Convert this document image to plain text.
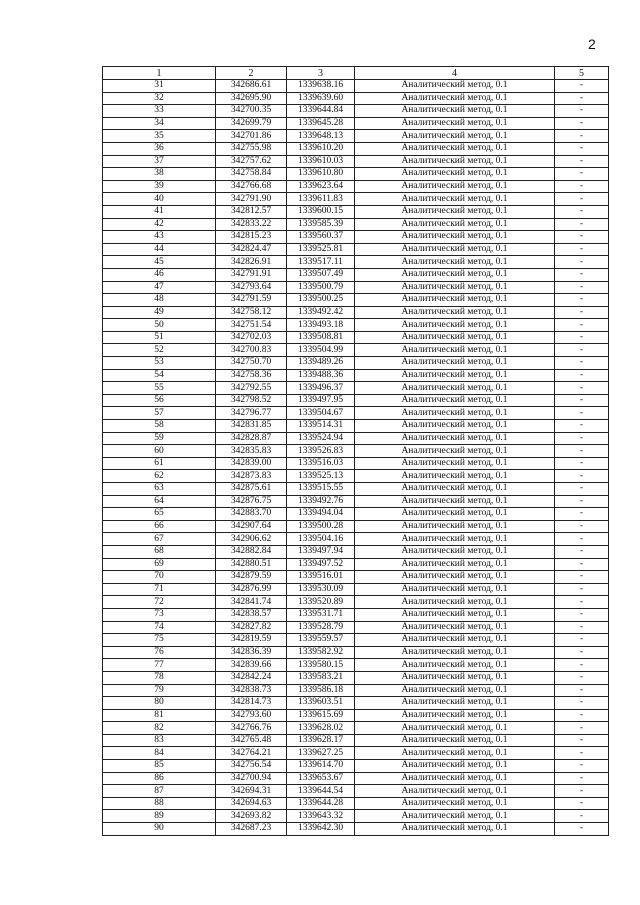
2
1	2	3	4	5
31	342686.61	1339638.16	Аналитический метод, 0.1	-
32	342695.90	1339639.60	Аналитический метод, 0.1	-
33	342700.35	1339644.84	Аналитический метод, 0.1	-
34	342699.79	1339645.28	Аналитический метод, 0.1	-
35	342701.86	1339648.13	Аналитический метод, 0.1	-
36	342755.98	1339610.20	Аналитический метод, 0.1	-
37	342757.62	1339610.03	Аналитический метод, 0.1	-
38	342758.84	1339610.80	Аналитический метод, 0.1	-
39	342766.68	1339623.64	Аналитический метод, 0.1	-
40	342791.90	1339611.83	Аналитический метод, 0.1	-
41	342812.57	1339600.15	Аналитический метод, 0.1	-
42	342833.22	1339585.39	Аналитический метод, 0.1	-
43	342815.23	1339560.37	Аналитический метод, 0.1	-
44	342824.47	1339525.81	Аналитический метод, 0.1	-
45	342826.91	1339517.11	Аналитический метод, 0.1	-
46	342791.91	1339507.49	Аналитический метод, 0.1	-
47	342793.64	1339500.79	Аналитический метод, 0.1	-
48	342791.59	1339500.25	Аналитический метод, 0.1	-
49	342758.12	1339492.42	Аналитический метод, 0.1	-
50	342751.54	1339493.18	Аналитический метод, 0.1	-
51	342702.03	1339508.81	Аналитический метод, 0.1	-
52	342700.83	1339504.99	Аналитический метод, 0.1	-
53	342750.70	1339489.26	Аналитический метод, 0.1	-
54	342758.36	1339488.36	Аналитический метод, 0.1	-
55	342792.55	1339496.37	Аналитический метод, 0.1	-
56	342798.52	1339497.95	Аналитический метод, 0.1	-
57	342796.77	1339504.67	Аналитический метод, 0.1	-
58	342831.85	1339514.31	Аналитический метод, 0.1	-
59	342828.87	1339524.94	Аналитический метод, 0.1	-
60	342835.83	1339526.83	Аналитический метод, 0.1	-
61	342839.00	1339516.03	Аналитический метод, 0.1	-
62	342873.83	1339525.13	Аналитический метод, 0.1	-
63	342875.61	1339515.55	Аналитический метод, 0.1	-
64	342876.75	1339492.76	Аналитический метод, 0.1	-
65	342883.70	1339494.04	Аналитический метод, 0.1	-
66	342907.64	1339500.28	Аналитический метод, 0.1	-
67	342906.62	1339504.16	Аналитический метод, 0.1	-
68	342882.84	1339497.94	Аналитический метод, 0.1	-
69	342880.51	1339497.52	Аналитический метод, 0.1	-
70	342879.59	1339516.01	Аналитический метод, 0.1	-
71	342876.99	1339530.09	Аналитический метод, 0.1	-
72	342841.74	1339520.89	Аналитический метод, 0.1	-
73	342838.57	1339531.71	Аналитический метод, 0.1	-
74	342827.82	1339528.79	Аналитический метод, 0.1	-
75	342819.59	1339559.57	Аналитический метод, 0.1	-
76	342836.39	1339582.92	Аналитический метод, 0.1	-
77	342839.66	1339580.15	Аналитический метод, 0.1	-
78	342842.24	1339583.21	Аналитический метод, 0.1	-
79	342838.73	1339586.18	Аналитический метод, 0.1	-
80	342814.73	1339603.51	Аналитический метод, 0.1	-
81	342793.60	1339615.69	Аналитический метод, 0.1	-
82	342766.76	1339628.02	Аналитический метод, 0.1	-
83	342765.48	1339628.17	Аналитический метод, 0.1	-
84	342764.21	1339627.25	Аналитический метод, 0.1	-
85	342756.54	1339614.70	Аналитический метод, 0.1	-
86	342700.94	1339653.67	Аналитический метод, 0.1	-
87	342694.31	1339644.54	Аналитический метод, 0.1	-
88	342694.63	1339644.28	Аналитический метод, 0.1	-
89	342693.82	1339643.32	Аналитический метод, 0.1	-
90	342687.23	1339642.30	Аналитический метод, 0.1	-
